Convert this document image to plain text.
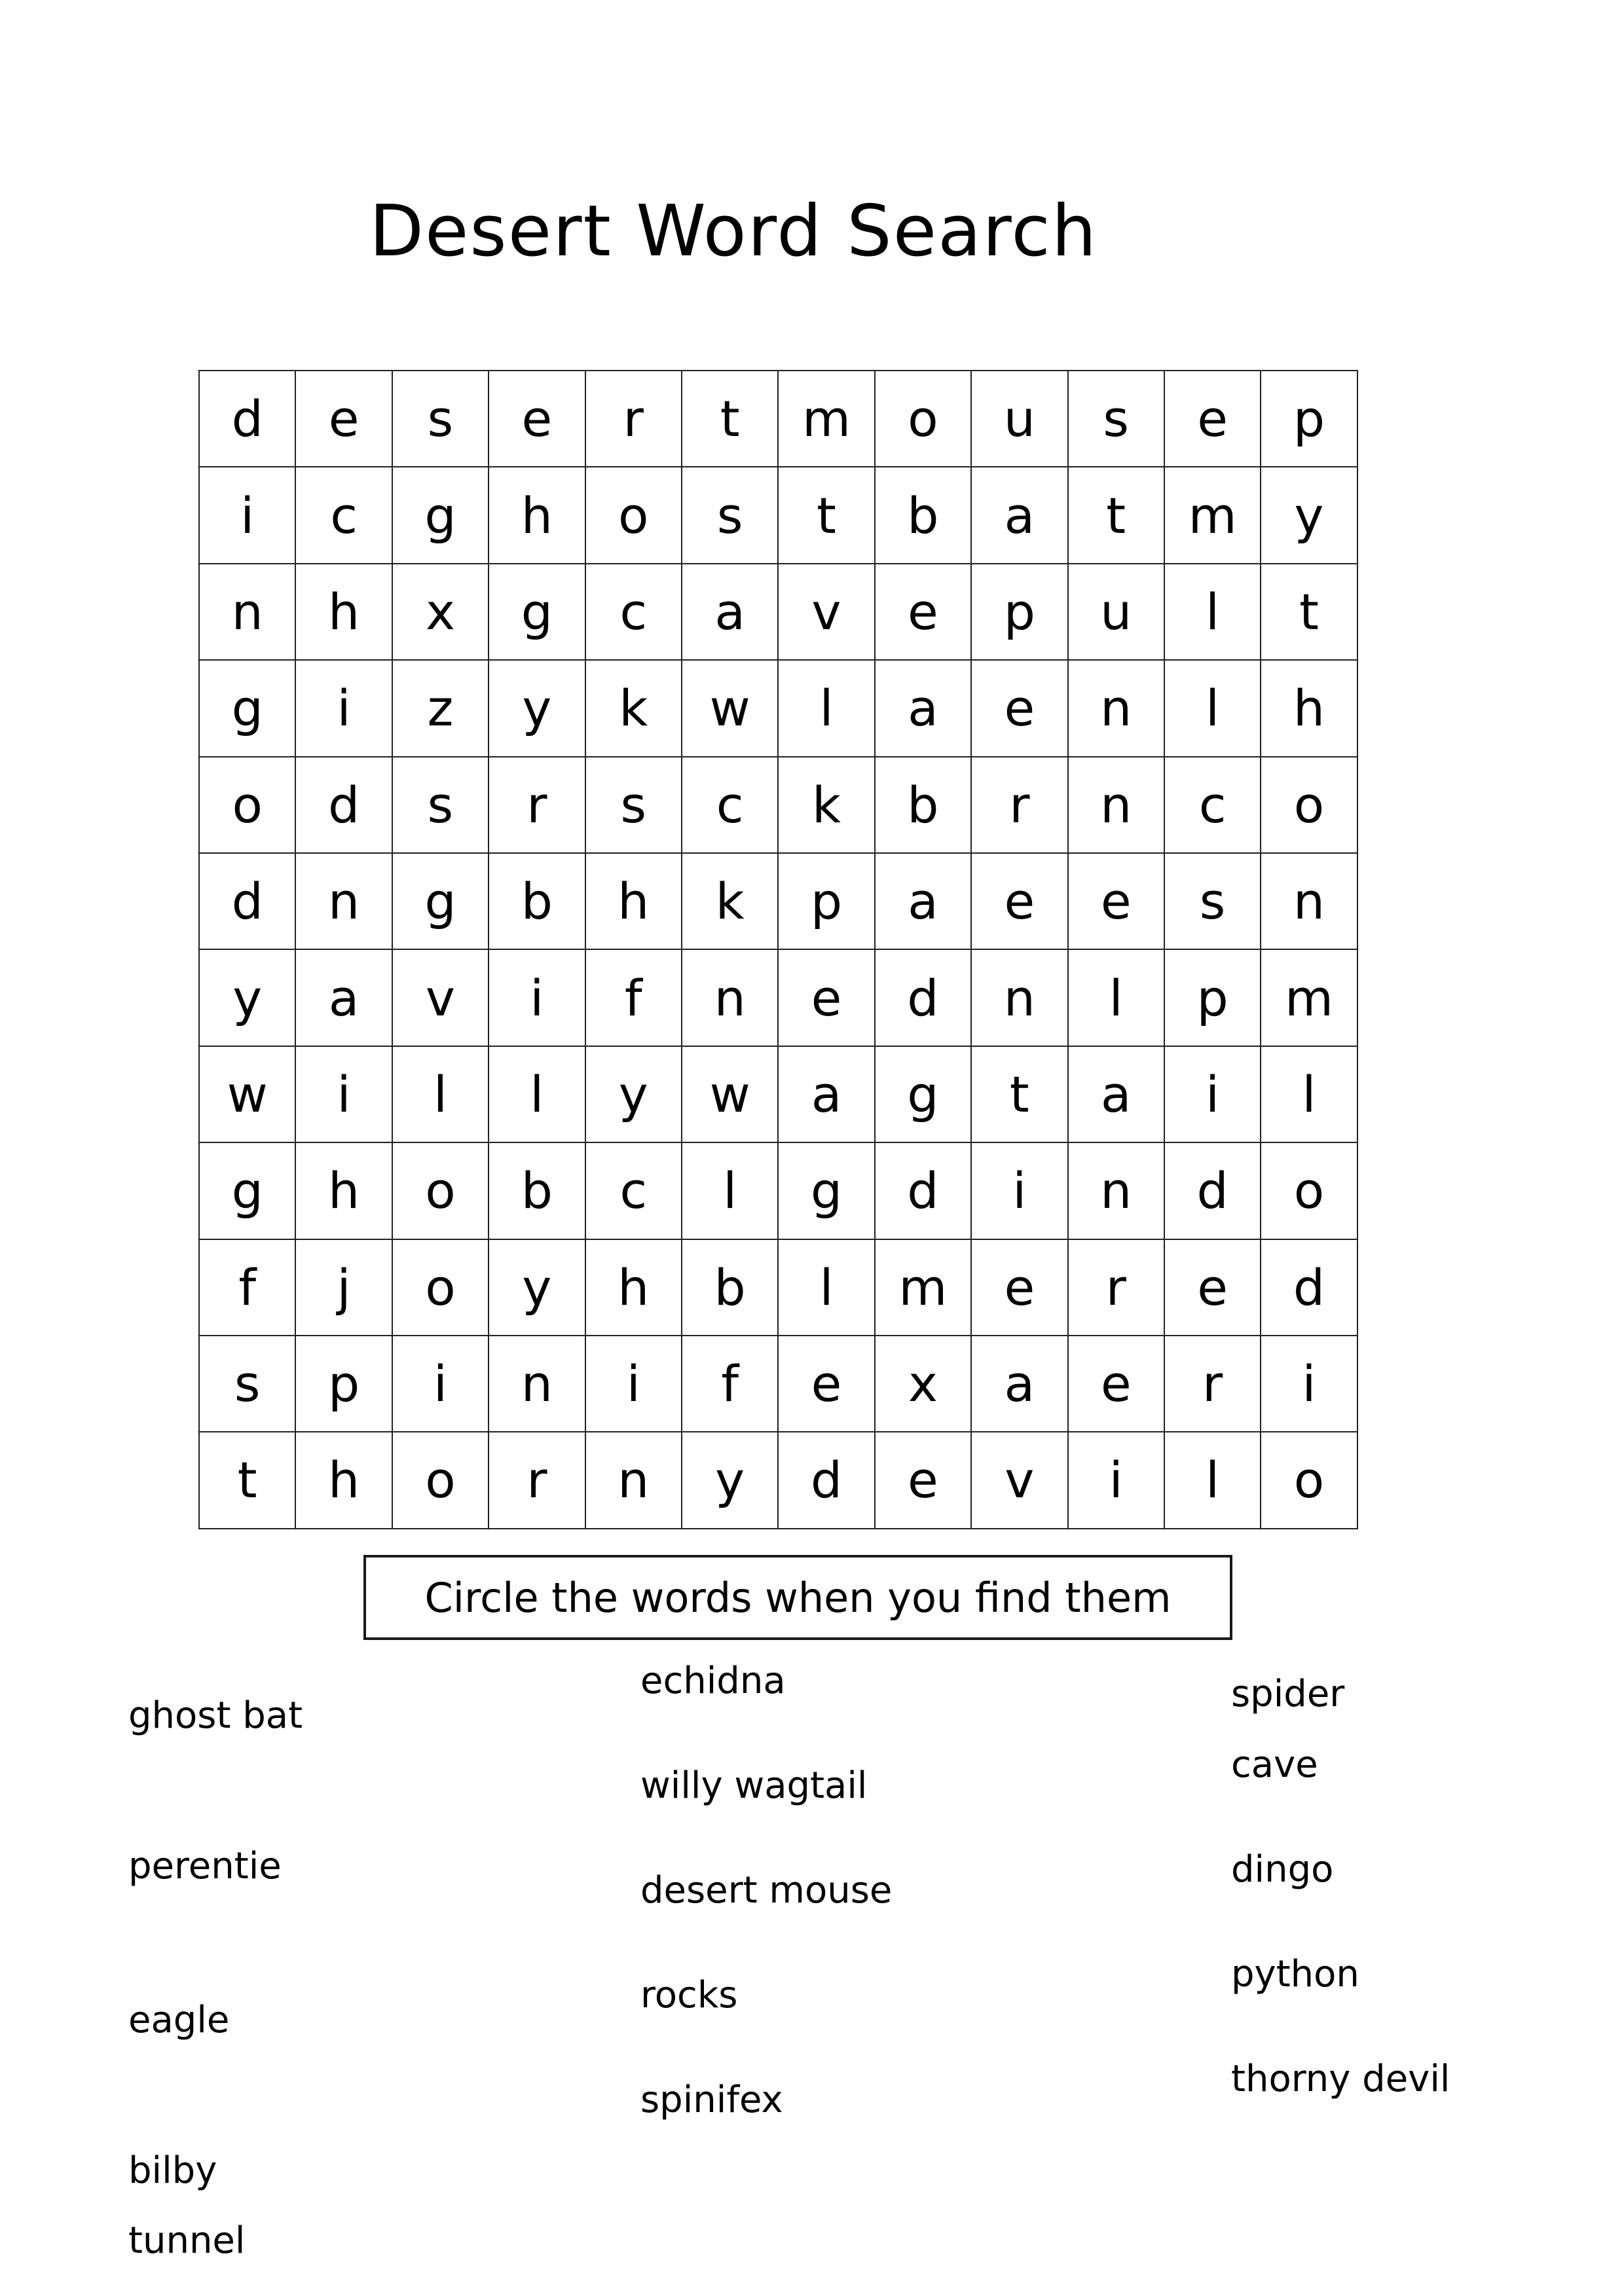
Desert Word Search
d	e	s	e	r	t	m	o	u	s	e	p
i	c	g	h	o	s	t	b	a	t	m	y
n	h	x	g	c	a	v	e	p	u	l	t
g	i	z	y	k	w	l	a	e	n	l	h
o	d	s	r	s	c	k	b	r	n	c	o
d	n	g	b	h	k	p	a	e	e	s	n
y	a	v	i	f	n	e	d	n	l	p	m
w	i	l	l	y	w	a	g	t	a	i	l
g	h	o	b	c	l	g	d	i	n	d	o
f	j	o	y	h	b	l	m	e	r	e	d
s	p	i	n	i	f	e	x	a	e	r	i
t	h	o	r	n	y	d	e	v	i	l	o
Circle the words when you find them
ghost bat
perentie
eagle
bilby
tunnel
echidna
willy wagtail
desert mouse
rocks
spinifex
spider
cave
dingo
python
thorny devil
